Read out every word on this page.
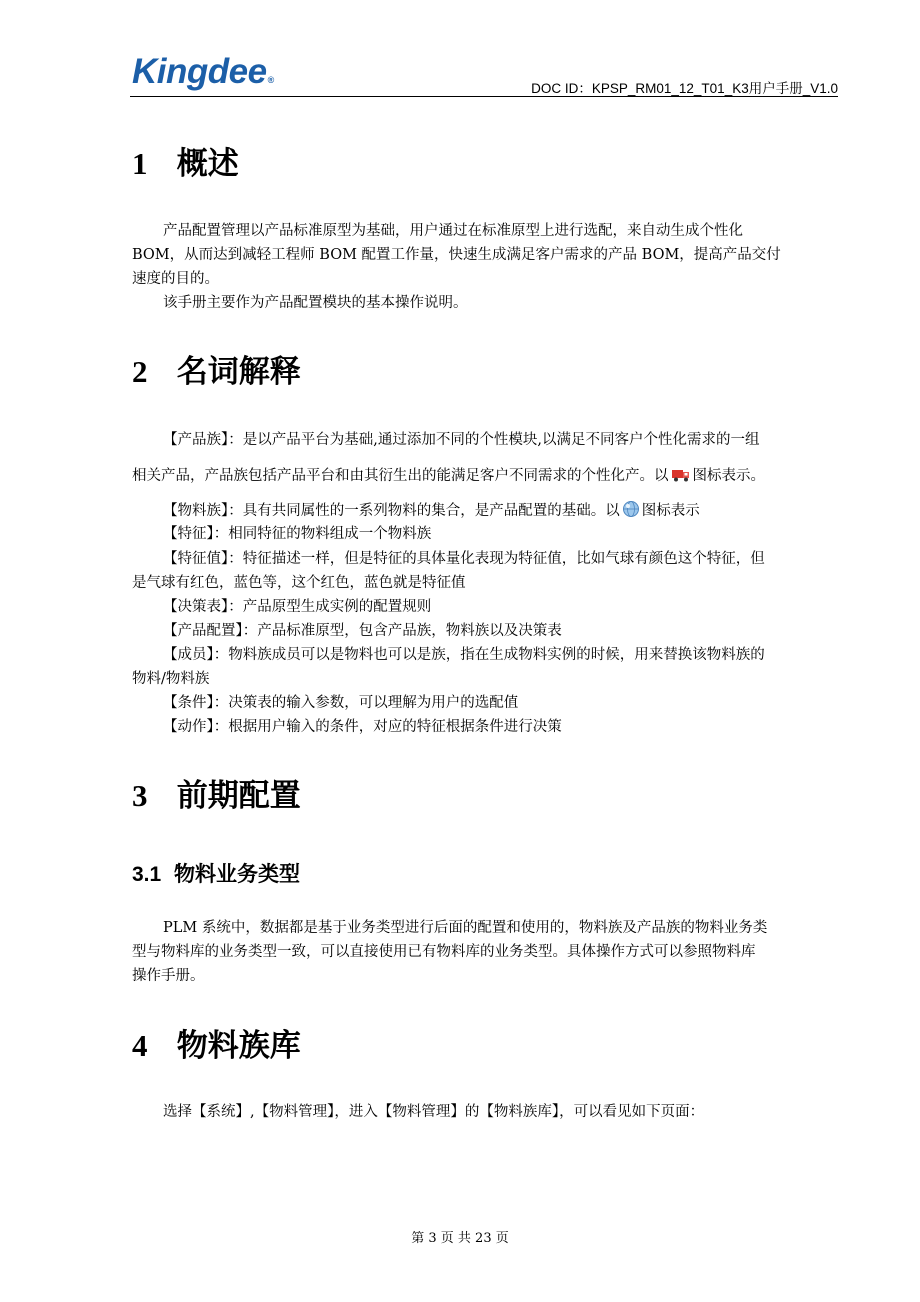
Kingdee®
DOC ID：KPSP_RM01_12_T01_K3用户手册_V1.0
1 概述
产品配置管理以产品标准原型为基础，用户通过在标准原型上进行选配，来自动生成个性化
BOM，从而达到减轻工程师 BOM 配置工作量，快速生成满足客户需求的产品 BOM，提高产品交付
速度的目的。
该手册主要作为产品配置模块的基本操作说明。
2 名词解释
【产品族】：是以产品平台为基础,通过添加不同的个性模块,以满足不同客户个性化需求的一组
相关产品，产品族包括产品平台和由其衍生出的能满足客户不同需求的个性化产。以 图标表示。
【物料族】：具有共同属性的一系列物料的集合，是产品配置的基础。以 图标表示
【特征】：相同特征的物料组成一个物料族
【特征值】：特征描述一样，但是特征的具体量化表现为特征值，比如气球有颜色这个特征，但
是气球有红色，蓝色等，这个红色，蓝色就是特征值
【决策表】：产品原型生成实例的配置规则
【产品配置】：产品标准原型，包含产品族，物料族以及决策表
【成员】：物料族成员可以是物料也可以是族，指在生成物料实例的时候，用来替换该物料族的
物料/物料族
【条件】：决策表的输入参数，可以理解为用户的选配值
【动作】：根据用户输入的条件，对应的特征根据条件进行决策
3 前期配置
3.1 物料业务类型
PLM 系统中，数据都是基于业务类型进行后面的配置和使用的，物料族及产品族的物料业务类
型与物料库的业务类型一致，可以直接使用已有物料库的业务类型。具体操作方式可以参照物料库
操作手册。
4 物料族库
选择【系统】,【物料管理】，进入【物料管理】的【物料族库】，可以看见如下页面：
第 3 页 共 23 页
